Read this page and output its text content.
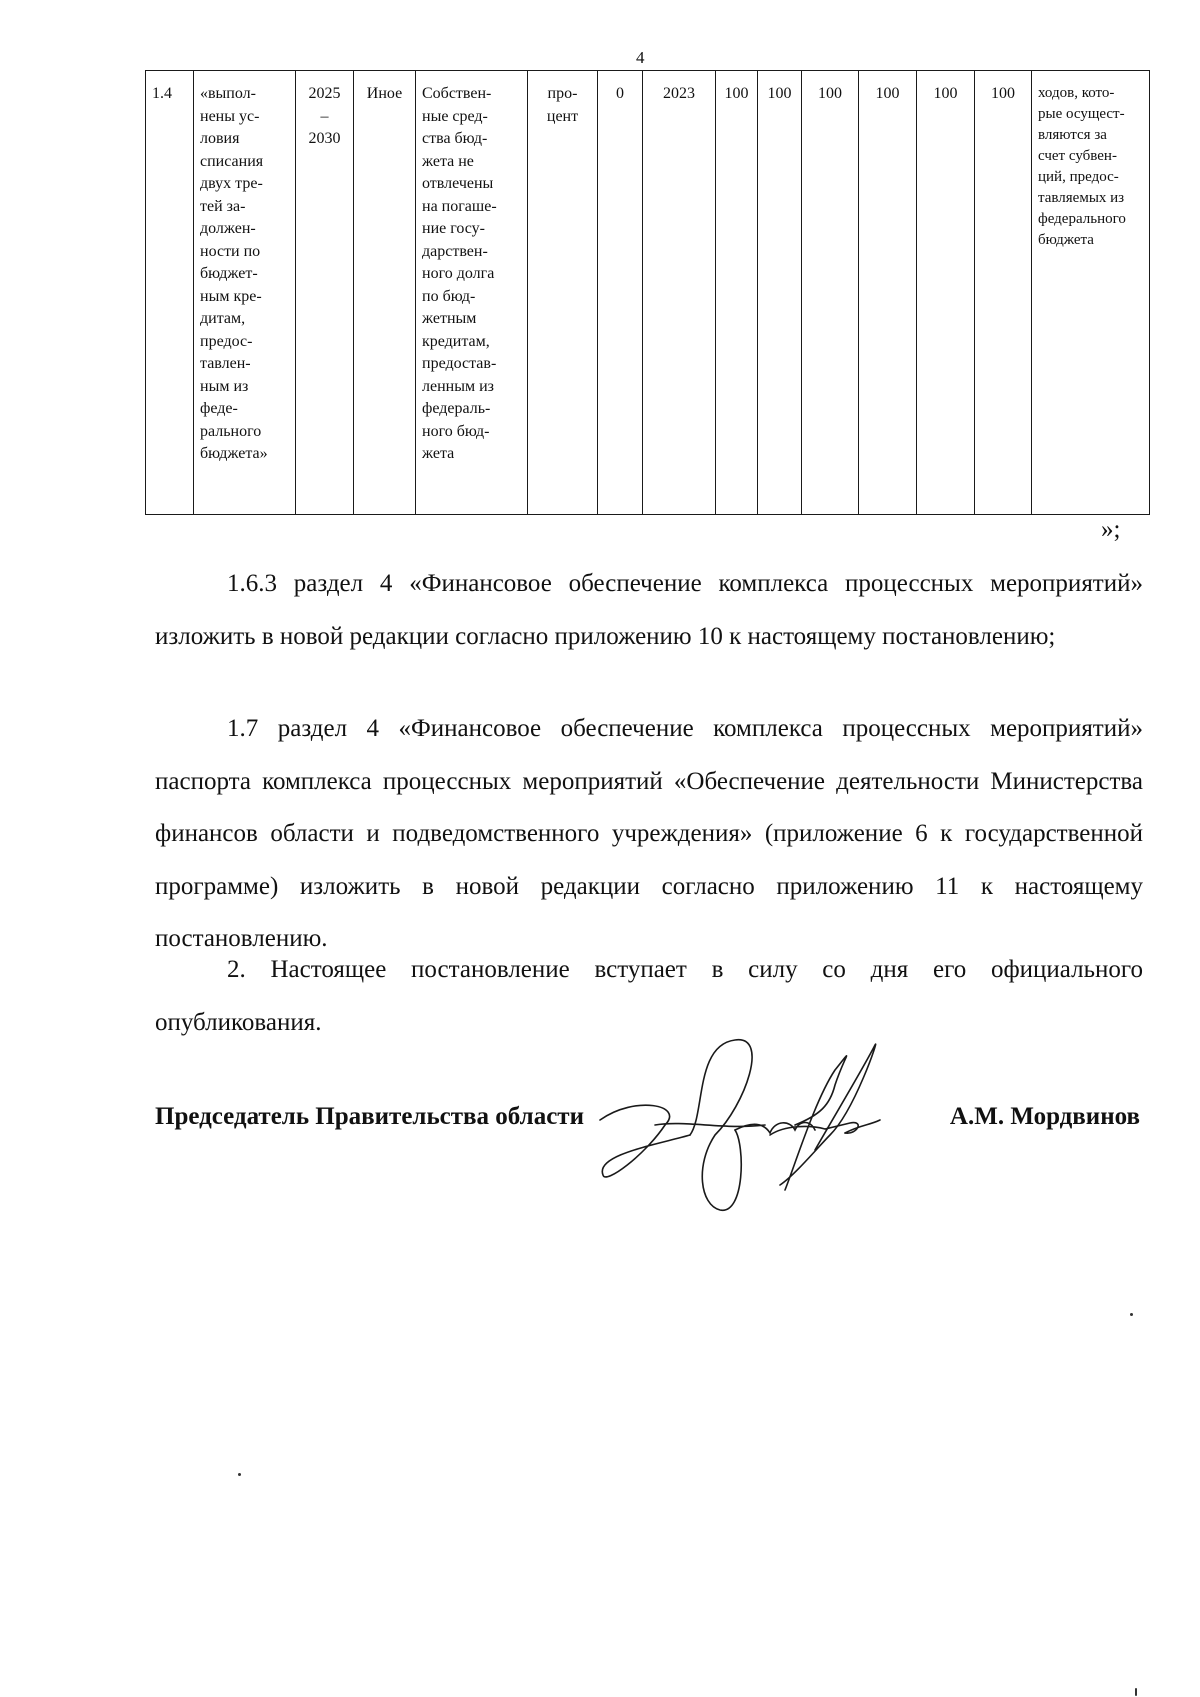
4
1.4	«выпол-
нены ус-
ловия
списания
двух тре-
тей за-
должен-
ности по
бюджет-
ным кре-
дитам,
предос-
тавлен-
ным из
феде-
рального
бюджета»	2025
–
2030	Иное	Собствен-
ные сред-
ства бюд-
жета не
отвлечены
на погаше-
ние госу-
дарствен-
ного долга
по бюд-
жетным
кредитам,
предостав-
ленным из
федераль-
ного бюд-
жета	про-
цент	0	2023	100	100	100	100	100	100	ходов, кото-
рые осущест-
вляются за
счет субвен-
ций, предос-
тавляемых из
федерального
бюджета
»;

1.6.3 раздел 4 «Финансовое обеспечение комплекса процессных мероприятий» изложить в новой редакции согласно приложению 10 к настоящему постановлению;

1.7 раздел 4 «Финансовое обеспечение комплекса процессных мероприятий» паспорта комплекса процессных мероприятий «Обеспечение деятельности Министерства финансов области и подведомственного учреждения» (приложение 6 к государственной программе) изложить в новой редакции согласно приложению 11 к настоящему постановлению.

2. Настоящее постановление вступает в силу со дня его официального опубликования.

Председатель Правительства области	А.М. Мордвинов
